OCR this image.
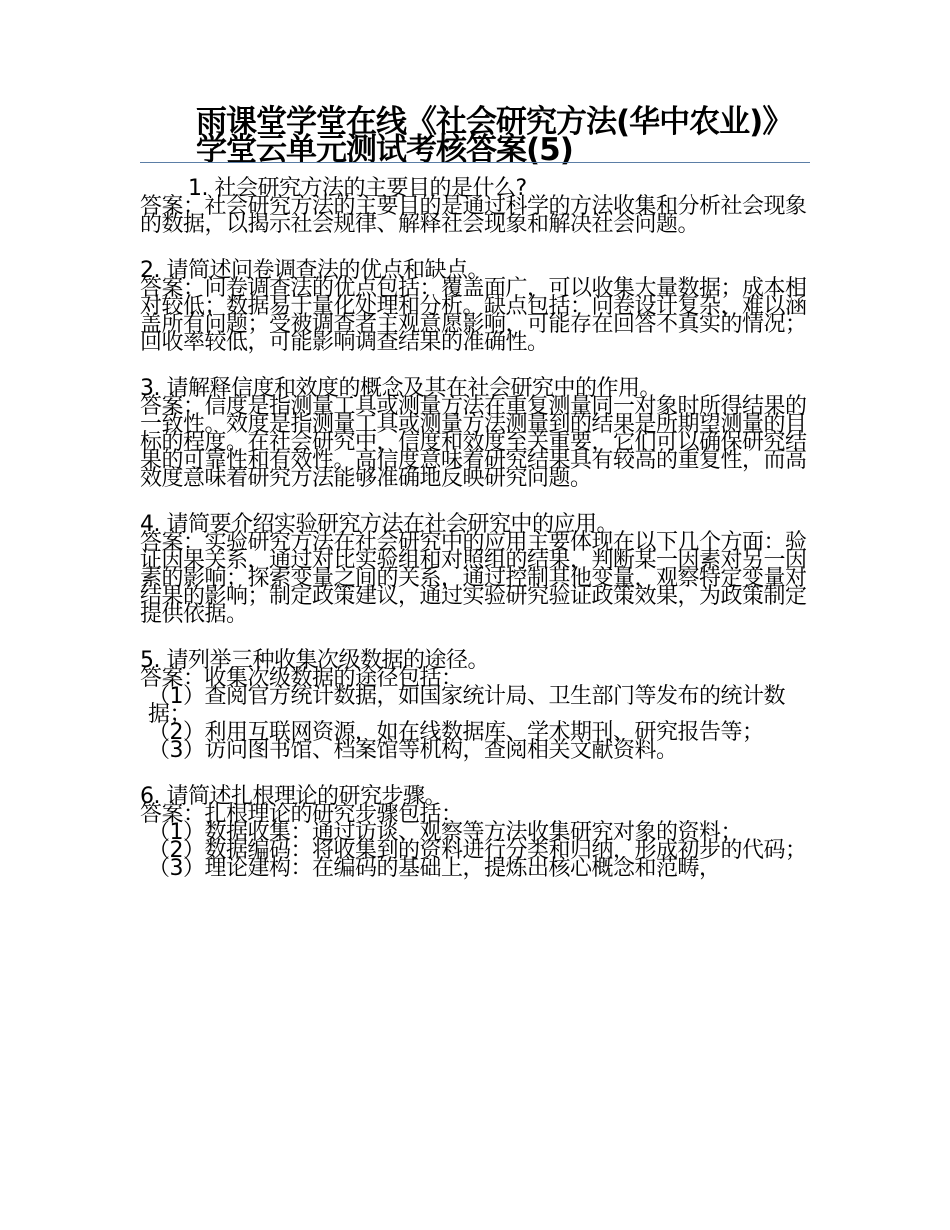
雨课堂学堂在线《社会研究方法(华中农业)》学堂云单元测试考核答案(5)
1. 社会研究方法的主要目的是什么?
答案：社会研究方法的主要目的是通过科学的方法收集和分析社会现象的数据，以揭示社会规律、解释社会现象和解决社会问题。
2. 请简述问卷调查法的优点和缺点。
答案：问卷调查法的优点包括：覆盖面广，可以收集大量数据；成本相对较低；数据易于量化处理和分析。缺点包括：问卷设计复杂，难以涵盖所有问题；受被调查者主观意愿影响，可能存在回答不真实的情况；回收率较低，可能影响调查结果的准确性。
3. 请解释信度和效度的概念及其在社会研究中的作用。
答案：信度是指测量工具或测量方法在重复测量同一对象时所得结果的一致性。效度是指测量工具或测量方法测量到的结果是所期望测量的目标的程度。在社会研究中，信度和效度至关重要，它们可以确保研究结果的可靠性和有效性。高信度意味着研究结果具有较高的重复性，而高效度意味着研究方法能够准确地反映研究问题。
4. 请简要介绍实验研究方法在社会研究中的应用。
答案：实验研究方法在社会研究中的应用主要体现在以下几个方面：验证因果关系，通过对比实验组和对照组的结果，判断某一因素对另一因素的影响；探索变量之间的关系，通过控制其他变量，观察特定变量对结果的影响；制定政策建议，通过实验研究验证政策效果，为政策制定提供依据。
5. 请列举三种收集次级数据的途径。
答案：收集次级数据的途径包括：
（1）查阅官方统计数据，如国家统计局、卫生部门等发布的统计数据；
（2）利用互联网资源，如在线数据库、学术期刊、研究报告等；
（3）访问图书馆、档案馆等机构，查阅相关文献资料。
6. 请简述扎根理论的研究步骤。
答案：扎根理论的研究步骤包括：
（1）数据收集：通过访谈、观察等方法收集研究对象的资料；
（2）数据编码：将收集到的资料进行分类和归纳，形成初步的代码；
（3）理论建构：在编码的基础上，提炼出核心概念和范畴，
